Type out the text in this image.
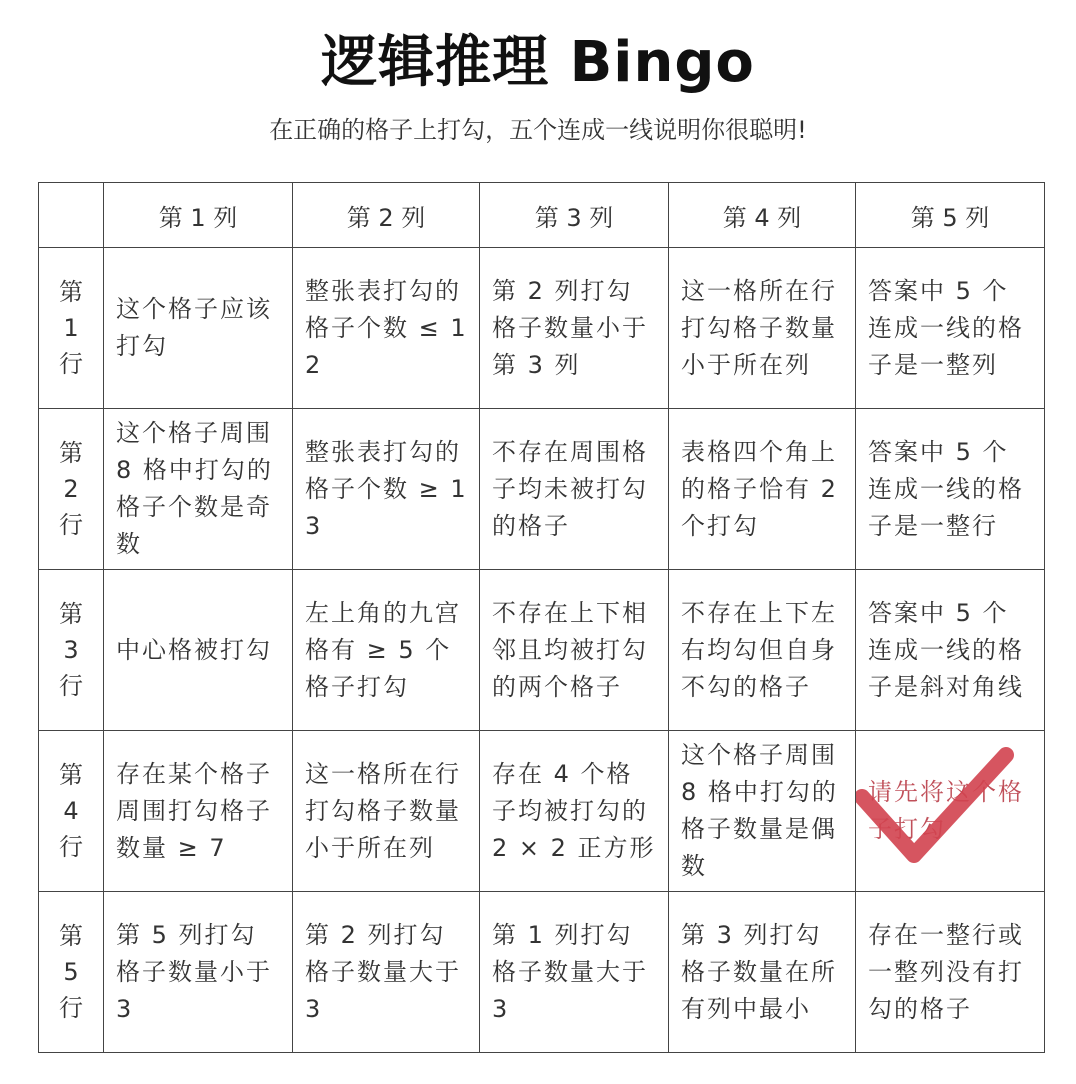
逻辑推理 Bingo
在正确的格子上打勾，五个连成一线说明你很聪明!
	第 1 列	第 2 列	第 3 列	第 4 列	第 5 列

第
1
行	这个格子应该打勾	整张表打勾的格子个数 ≤ 12	第 2 列打勾格子数量小于第 3 列	这一格所在行打勾格子数量小于所在列	答案中 5 个连成一线的格子是一整列

第
2
行	这个格子周围 8 格中打勾的格子个数是奇数	整张表打勾的格子个数 ≥ 13	不存在周围格子均未被打勾的格子	表格四个角上的格子恰有 2 个打勾	答案中 5 个连成一线的格子是一整行

第
3
行	中心格被打勾	左上角的九宫格有 ≥ 5 个格子打勾	不存在上下相邻且均被打勾的两个格子	不存在上下左右均勾但自身不勾的格子	答案中 5 个连成一线的格子是斜对角线

第
4
行	存在某个格子周围打勾格子数量 ≥ 7	这一格所在行打勾格子数量小于所在列	存在 4 个格子均被打勾的 2 × 2 正方形	这个格子周围 8 格中打勾的格子数量是偶数	请先将这个格子打勾

第
5
行	第 5 列打勾格子数量小于 3	第 2 列打勾格子数量大于 3	第 1 列打勾格子数量大于 3	第 3 列打勾格子数量在所有列中最小	存在一整行或一整列没有打勾的格子
